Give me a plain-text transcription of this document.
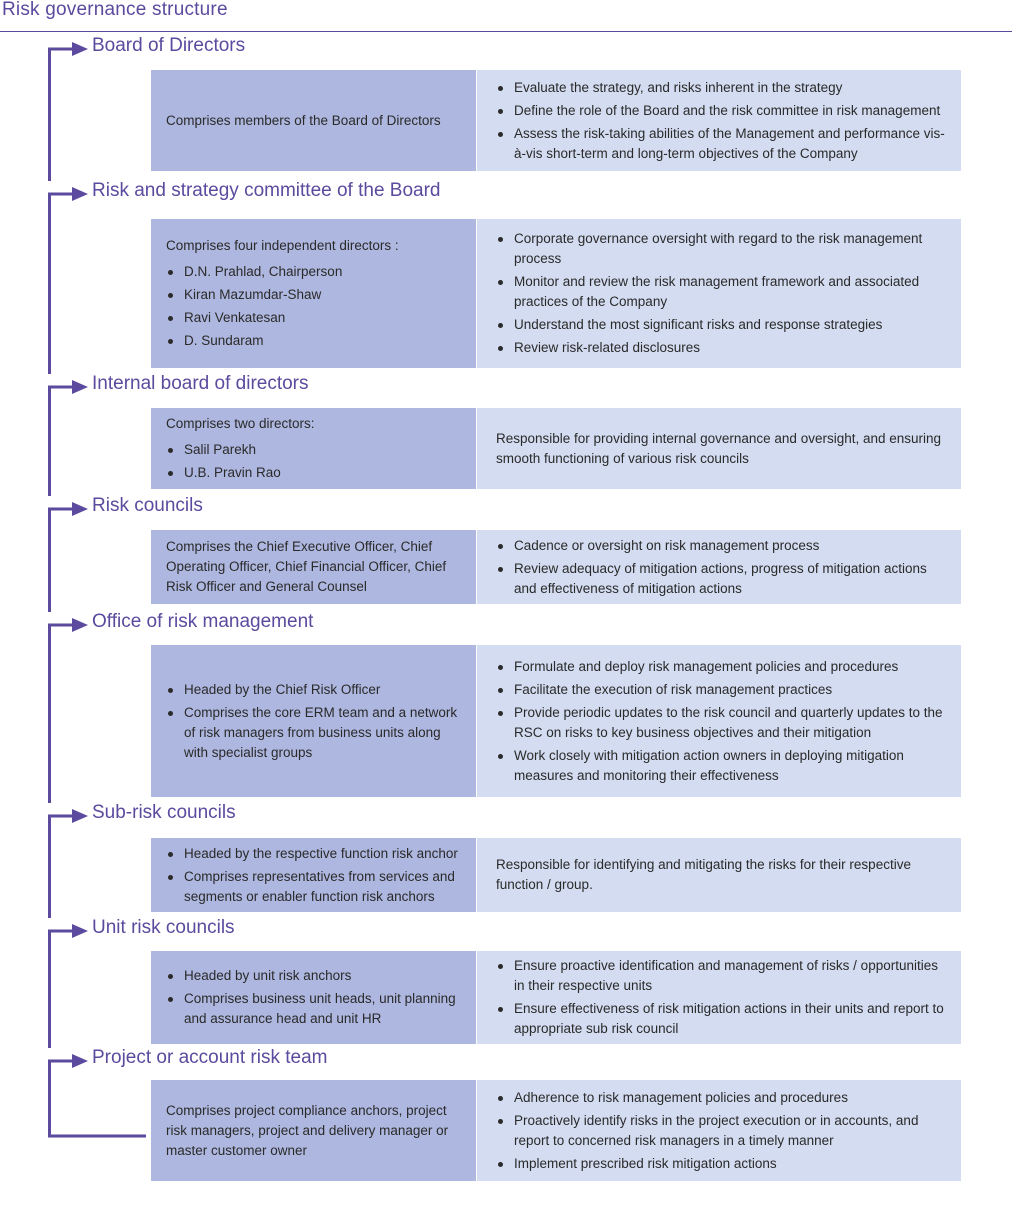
Risk governance structure
Board of Directors
Comprises members of the Board of Directors
Evaluate the strategy, and risks inherent in the strategy
Define the role of the Board and the risk committee in risk management
Assess the risk-taking abilities of the Management and performance vis-à-vis short-term and long-term objectives of the Company
Risk and strategy committee of the Board
Comprises four independent directors :
D.N. Prahlad, Chairperson
Kiran Mazumdar-Shaw
Ravi Venkatesan
D. Sundaram
Corporate governance oversight with regard to the risk management process
Monitor and review the risk management framework and associated practices of the Company
Understand the most significant risks and response strategies
Review risk-related disclosures
Internal board of directors
Comprises two directors:
Salil Parekh
U.B. Pravin Rao
Responsible for providing internal governance and oversight, and ensuring smooth functioning of various risk councils
Risk councils
Comprises the Chief Executive Officer, Chief Operating Officer, Chief Financial Officer, Chief Risk Officer and General Counsel
Cadence or oversight on risk management process
Review adequacy of mitigation actions, progress of mitigation actions and effectiveness of mitigation actions
Office of risk management
Headed by the Chief Risk Officer
Comprises the core ERM team and a network of risk managers from business units along with specialist groups
Formulate and deploy risk management policies and procedures
Facilitate the execution of risk management practices
Provide periodic updates to the risk council and quarterly updates to the RSC on risks to key business objectives and their mitigation
Work closely with mitigation action owners in deploying mitigation measures and monitoring their effectiveness
Sub-risk councils
Headed by the respective function risk anchor
Comprises representatives from services and segments or enabler function risk anchors
Responsible for identifying and mitigating the risks for their respective function / group.
Unit risk councils
Headed by unit risk anchors
Comprises business unit heads, unit planning and assurance head and unit HR
Ensure proactive identification and management of risks / opportunities in their respective units
Ensure effectiveness of risk mitigation actions in their units and report to appropriate sub risk council
Project or account risk team
Comprises project compliance anchors, project risk managers, project and delivery manager or master customer owner
Adherence to risk management policies and procedures
Proactively identify risks in the project execution or in accounts, and report to concerned risk managers in a timely manner
Implement prescribed risk mitigation actions
